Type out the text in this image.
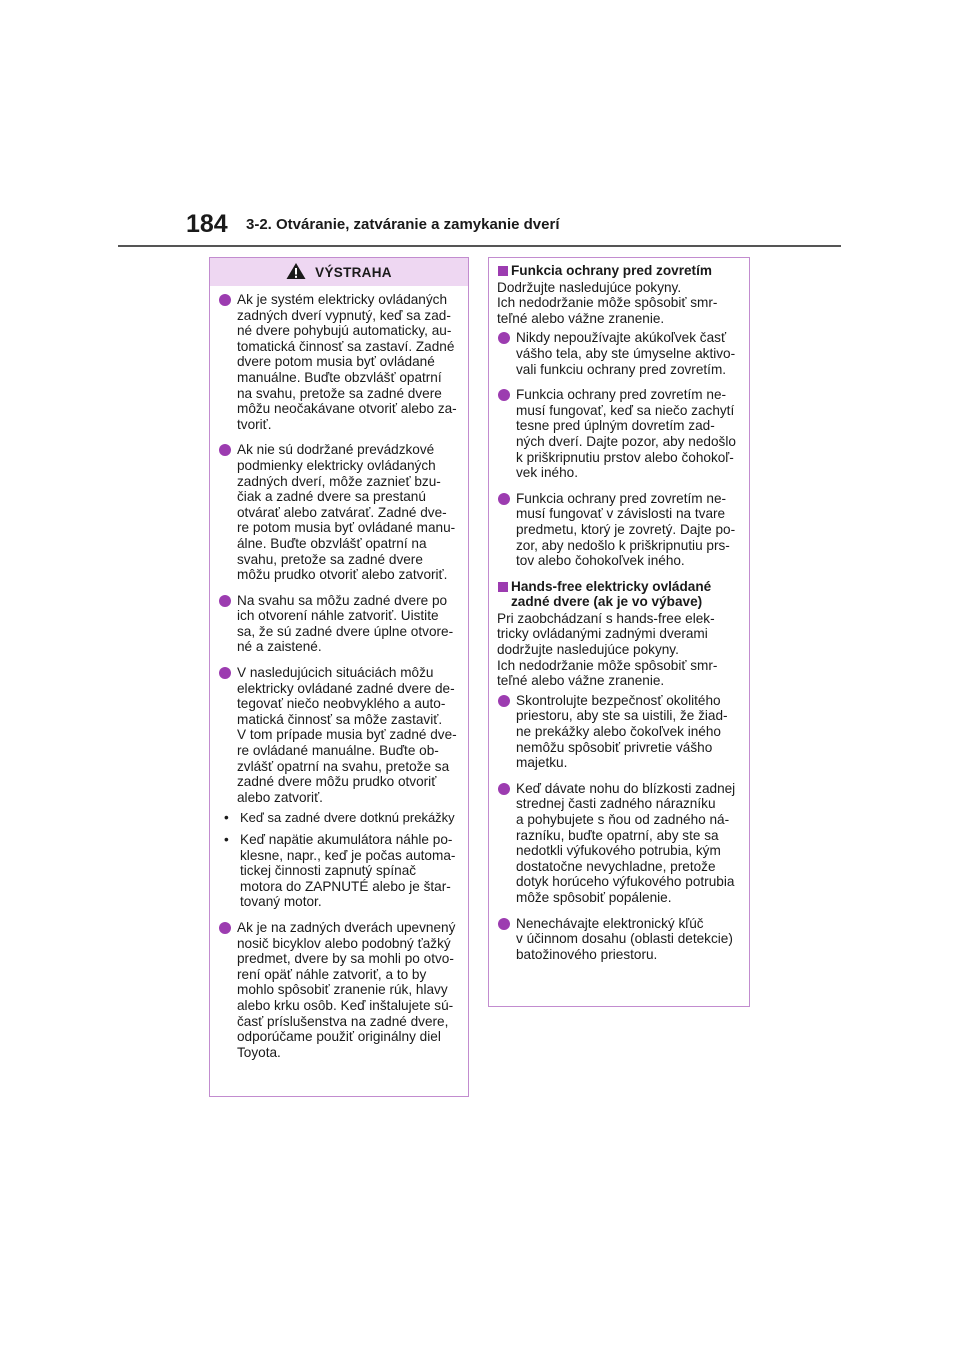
184 3-2. Otváranie, zatváranie a zamykanie dverí
VÝSTRAHA
Ak je systém elektricky ovládaných
zadných dverí vypnutý, keď sa zad-
né dvere pohybujú automaticky, au-
tomatická činnosť sa zastaví. Zadné
dvere potom musia byť ovládané
manuálne. Buďte obzvlášť opatrní
na svahu, pretože sa zadné dvere
môžu neočakávane otvoriť alebo za-
tvoriť.
Ak nie sú dodržané prevádzkové
podmienky elektricky ovládaných
zadných dverí, môže zaznieť bzu-
čiak a zadné dvere sa prestanú
otvárať alebo zatvárať. Zadné dve-
re potom musia byť ovládané manu-
álne. Buďte obzvlášť opatrní na
svahu, pretože sa zadné dvere
môžu prudko otvoriť alebo zatvoriť.
Na svahu sa môžu zadné dvere po
ich otvorení náhle zatvoriť. Uistite
sa, že sú zadné dvere úplne otvore-
né a zaistené.
V nasledujúcich situáciách môžu
elektricky ovládané zadné dvere de-
tegovať niečo neobvyklého a auto-
matická činnosť sa môže zastaviť.
V tom prípade musia byť zadné dve-
re ovládané manuálne. Buďte ob-
zvlášť opatrní na svahu, pretože sa
zadné dvere môžu prudko otvoriť
alebo zatvoriť.
• Keď sa zadné dvere dotknú prekážky
• Keď napätie akumulátora náhle po-
klesne, napr., keď je počas automa-
tickej činnosti zapnutý spínač
motora do ZAPNUTÉ alebo je štar-
tovaný motor.
Ak je na zadných dverách upevnený
nosič bicyklov alebo podobný ťažký
predmet, dvere by sa mohli po otvo-
rení opäť náhle zatvoriť, a to by
mohlo spôsobiť zranenie rúk, hlavy
alebo krku osôb. Keď inštalujete sú-
časť príslušenstva na zadné dvere,
odporúčame použiť originálny diel
Toyota.
Funkcia ochrany pred zovretím
Dodržujte nasledujúce pokyny.
Ich nedodržanie môže spôsobiť smr-
teľné alebo vážne zranenie.
Nikdy nepoužívajte akúkoľvek časť
vášho tela, aby ste úmyselne aktivo-
vali funkciu ochrany pred zovretím.
Funkcia ochrany pred zovretím ne-
musí fungovať, keď sa niečo zachytí
tesne pred úplným dovretím zad-
ných dverí. Dajte pozor, aby nedošlo
k priškripnutiu prstov alebo čohokoľ-
vek iného.
Funkcia ochrany pred zovretím ne-
musí fungovať v závislosti na tvare
predmetu, ktorý je zovretý. Dajte po-
zor, aby nedošlo k priškripnutiu prs-
tov alebo čohokoľvek iného.
Hands-free elektricky ovládané
zadné dvere (ak je vo výbave)
Pri zaobchádzaní s hands-free elek-
tricky ovládanými zadnými dverami
dodržujte nasledujúce pokyny.
Ich nedodržanie môže spôsobiť smr-
teľné alebo vážne zranenie.
Skontrolujte bezpečnosť okolitého
priestoru, aby ste sa uistili, že žiad-
ne prekážky alebo čokoľvek iného
nemôžu spôsobiť privretie vášho
majetku.
Keď dávate nohu do blízkosti zadnej
strednej časti zadného nárazníku
a pohybujete s ňou od zadného ná-
razníku, buďte opatrní, aby ste sa
nedotkli výfukového potrubia, kým
dostatočne nevychladne, pretože
dotyk horúceho výfukového potrubia
môže spôsobiť popálenie.
Nenechávajte elektronický kľúč
v účinnom dosahu (oblasti detekcie)
batožinového priestoru.
